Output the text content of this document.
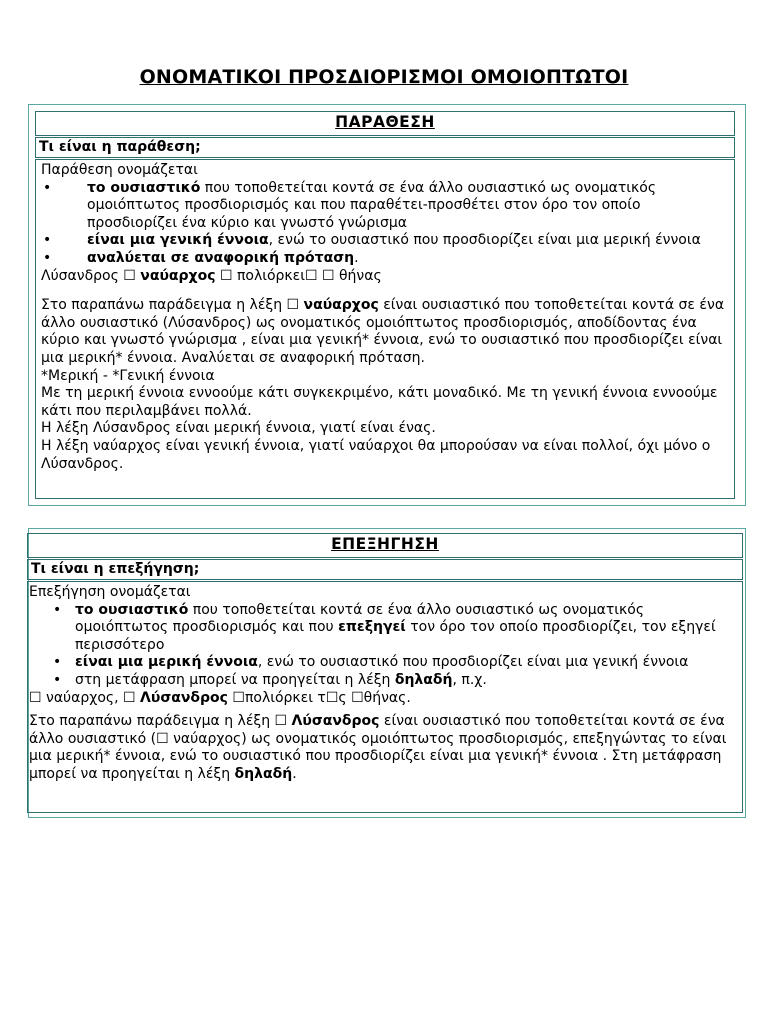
ΟΝΟΜΑΤΙΚΟΙ ΠΡΟΣΔΙΟΡΙΣΜΟΙ ΟΜΟΙΟΠΤΩΤΟΙ
ΠΑΡΑΘΕΣΗ
Τι είναι η παράθεση;

Παράθεση ονομάζεται

• το ουσιαστικό που τοποθετείται κοντά σε ένα άλλο ουσιαστικό ως ονοματικός ομοιόπτωτος προσδιορισμός και που παραθέτει-προσθέτει στον όρο τον οποίο προσδιορίζει ένα κύριο και γνωστό γνώρισμα
• είναι μια γενική έννοια, ενώ το ουσιαστικό που προσδιορίζει είναι μια μερική έννοια
• αναλύεται σε αναφορική πρόταση.

Λύσανδρος ☐ ναύαρχος ☐ πολιόρκει☐ ☐ θήνας

Στο παραπάνω παράδειγμα η λέξη ☐ ναύαρχος είναι ουσιαστικό που τοποθετείται κοντά σε ένα άλλο ουσιαστικό (Λύσανδρος) ως ονοματικός ομοιόπτωτος προσδιορισμός, αποδίδοντας ένα κύριο και γνωστό γνώρισμα , είναι μια γενική* έννοια, ενώ το ουσιαστικό που προσδιορίζει είναι μια μερική* έννοια. Αναλύεται σε αναφορική πρόταση.

*Μερική - *Γενική έννοια

Με τη μερική έννοια εννοούμε κάτι συγκεκριμένο, κάτι μοναδικό. Με τη γενική έννοια εννοούμε κάτι που περιλαμβάνει πολλά.

Η λέξη Λύσανδρος είναι μερική έννοια, γιατί είναι ένας.

Η λέξη ναύαρχος είναι γενική έννοια, γιατί ναύαρχοι θα μπορούσαν να είναι πολλοί, όχι μόνο ο Λύσανδρος.

ΕΠΕΞΗΓΗΣΗ
Τι είναι η επεξήγηση;

Επεξήγηση ονομάζεται

• το ουσιαστικό που τοποθετείται κοντά σε ένα άλλο ουσιαστικό ως ονοματικός ομοιόπτωτος προσδιορισμός και που επεξηγεί τον όρο τον οποίο προσδιορίζει, τον εξηγεί περισσότερο
• είναι μια μερική έννοια, ενώ το ουσιαστικό που προσδιορίζει είναι μια γενική έννοια
• στη μετάφραση μπορεί να προηγείται η λέξη δηλαδή, π.χ.

☐ ναύαρχος, ☐ Λύσανδρος ☐πολιόρκει τ☐ς ☐θήνας.

Στο παραπάνω παράδειγμα η λέξη ☐ Λύσανδρος είναι ουσιαστικό που τοποθετείται κοντά σε ένα άλλο ουσιαστικό (☐ ναύαρχος) ως ονοματικός ομοιόπτωτος προσδιορισμός, επεξηγώντας το είναι μια μερική* έννοια, ενώ το ουσιαστικό που προσδιορίζει είναι μια γενική* έννοια . Στη μετάφραση μπορεί να προηγείται η λέξη δηλαδή.
